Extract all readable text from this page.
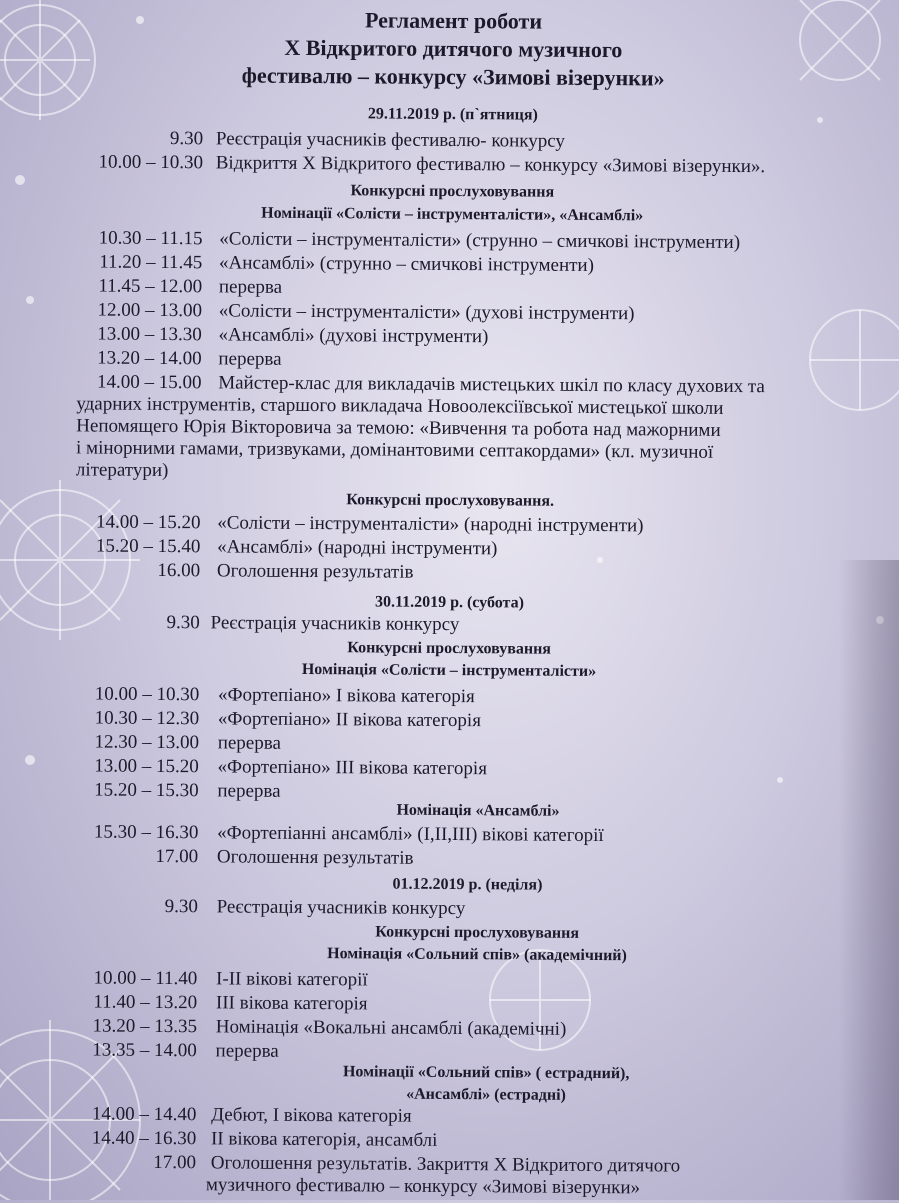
Регламент роботи
X Відкритого дитячого музичного
фестивалю – конкурсу «Зимові візерунки»
29.11.2019 р. (п`ятниця)
9.30 Реєстрація учасників фестивалю- конкурсу
10.00 – 10.30 Відкриття X Відкритого фестивалю – конкурсу «Зимові візерунки».
Конкурсні прослуховування
Номінації «Солісти – інструменталісти», «Ансамблі»
10.30 – 11.15 «Солісти – інструменталісти» (струнно – смичкові інструменти)
11.20 – 11.45 «Ансамблі» (струнно – смичкові інструменти)
11.45 – 12.00 перерва
12.00 – 13.00 «Солісти – інструменталісти» (духові інструменти)
13.00 – 13.30 «Ансамблі» (духові інструменти)
13.20 – 14.00 перерва
14.00 – 15.00 Майстер-клас для викладачів мистецьких шкіл по класу духових та
ударних інструментів, старшого викладача Новоолексіївської мистецької школи
Непомящего Юрія Вікторовича за темою: «Вивчення та робота над мажорними
і мінорними гамами, тризвуками, домінантовими септакордами» (кл. музичної
літератури)
Конкурсні прослуховування.
14.00 – 15.20 «Солісти – інструменталісти» (народні інструменти)
15.20 – 15.40 «Ансамблі» (народні інструменти)
16.00 Оголошення результатів
30.11.2019 р. (субота)
9.30 Реєстрація учасників конкурсу
Конкурсні прослуховування
Номінація «Солісти – інструменталісти»
10.00 – 10.30 «Фортепіано» I вікова категорія
10.30 – 12.30 «Фортепіано» II вікова категорія
12.30 – 13.00 перерва
13.00 – 15.20 «Фортепіано» III вікова категорія
15.20 – 15.30 перерва
Номінація «Ансамблі»
15.30 – 16.30 «Фортепіанні ансамблі» (I,II,III) вікові категорії
17.00 Оголошення результатів
01.12.2019 р. (неділя)
9.30 Реєстрація учасників конкурсу
Конкурсні прослуховування
Номінація «Сольний спів» (академічний)
10.00 – 11.40 I-II вікові категорії
11.40 – 13.20 III вікова категорія
13.20 – 13.35 Номінація «Вокальні ансамблі (академічні)
13.35 – 14.00 перерва
Номінації «Сольний спів» ( естрадний),
«Ансамблі» (естрадні)
14.00 – 14.40 Дебют, I вікова категорія
14.40 – 16.30 II вікова категорія, ансамблі
17.00 Оголошення результатів. Закриття X Відкритого дитячого
музичного фестивалю – конкурсу «Зимові візерунки»
